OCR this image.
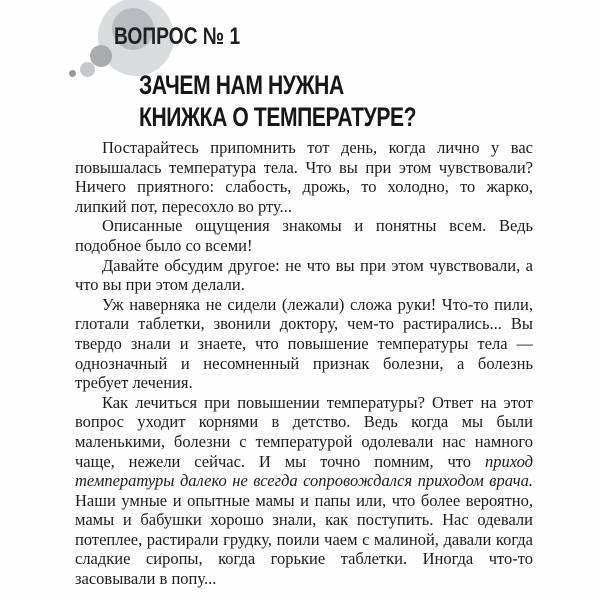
ВОПРОС № 1
ЗАЧЕМ НАМ НУЖНА
КНИЖКА О ТЕМПЕРАТУРЕ?

Постарайтесь припомнить тот день, когда лично у вас повышалась температура тела. Что вы при этом чувствовали? Ничего приятного: слабость, дрожь, то холодно, то жарко, липкий пот, пересохло во рту...

Описанные ощущения знакомы и понятны всем. Ведь подобное было со всеми!

Давайте обсудим другое: не что вы при этом чувствовали, а что вы при этом делали.

Уж наверняка не сидели (лежали) сложа руки! Что-то пили, глотали таблетки, звонили доктору, чем-то растирались... Вы твердо знали и знаете, что повышение температуры тела — однозначный и несомненный признак болезни, а болезнь требует лечения.

Как лечиться при повышении температуры? Ответ на этот вопрос уходит корнями в детство. Ведь когда мы были маленькими, болезни с температурой одолевали нас намного чаще, нежели сейчас. И мы точно помним, что приход температуры далеко не всегда сопровождался приходом врача. Наши умные и опытные мамы и папы или, что более вероятно, мамы и бабушки хорошо знали, как поступить. Нас одевали потеплее, растирали грудку, поили чаем с малиной, давали когда сладкие сиропы, когда горькие таблетки. Иногда что-то засовывали в попу...
